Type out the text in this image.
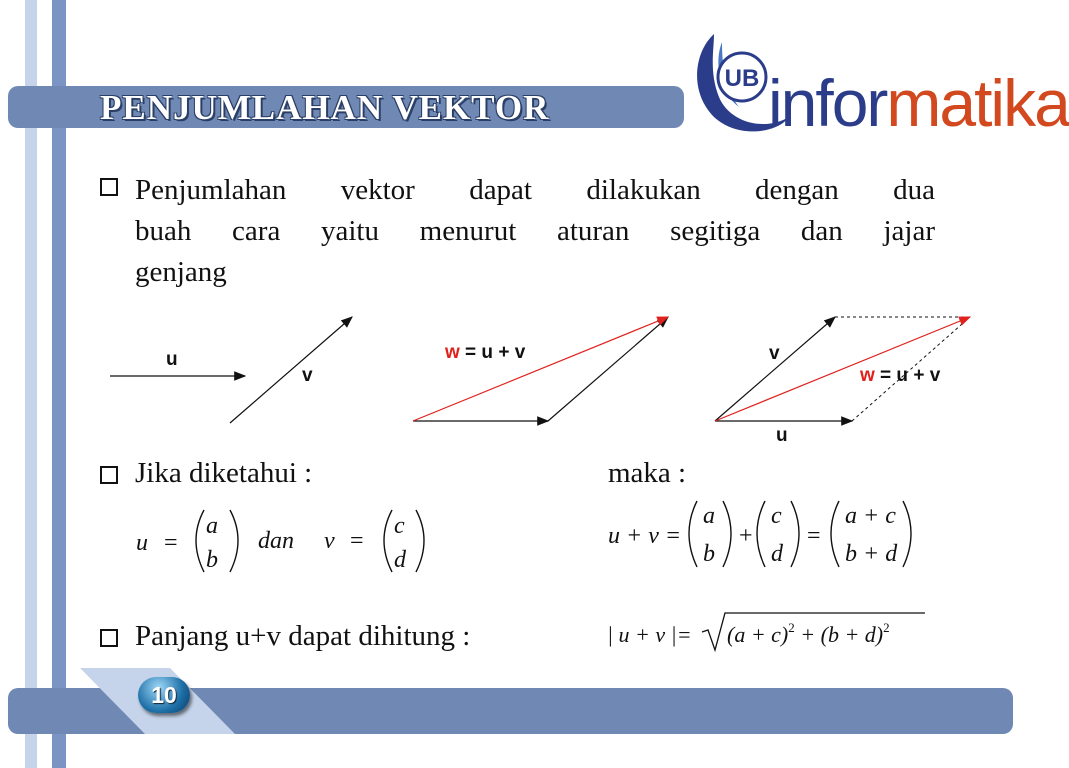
PENJUMLAHAN VEKTOR
UB informatika
Penjumlahan vektor dapat dilakukan dengan dua
buah cara yaitu menurut aturan segitiga dan jajar
genjang
u
v
w = u + v	v
w = u + v
u
Jika diketahui :	maka :
u =
a
b
dan v =
c
d
u + v =
a
b
+
c
d
=
a + c
b + d
Panjang u+v dapat dihitung :	| u + v |= $(a + c)^2 + (b + d)^2$
10
